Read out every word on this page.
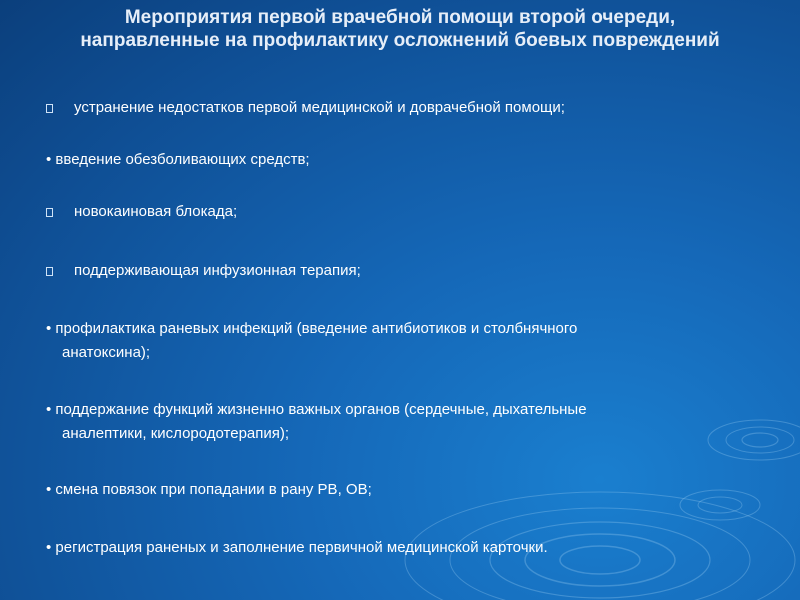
Мероприятия первой врачебной помощи второй очереди, направленные на профилактику осложнений боевых повреждений
устранение недостатков первой медицинской и доврачебной помощи;
• введение обезболивающих средств;
новокаиновая блокада;
поддерживающая инфузионная терапия;
• профилактика раневых инфекций (введение антибиотиков и столбнячного
анатоксина);
• поддержание функций жизненно важных органов (сердечные, дыхательные
аналептики, кислородотерапия);
• смена повязок при попадании в рану РВ, ОВ;
• регистрация раненых и заполнение первичной медицинской карточки.
